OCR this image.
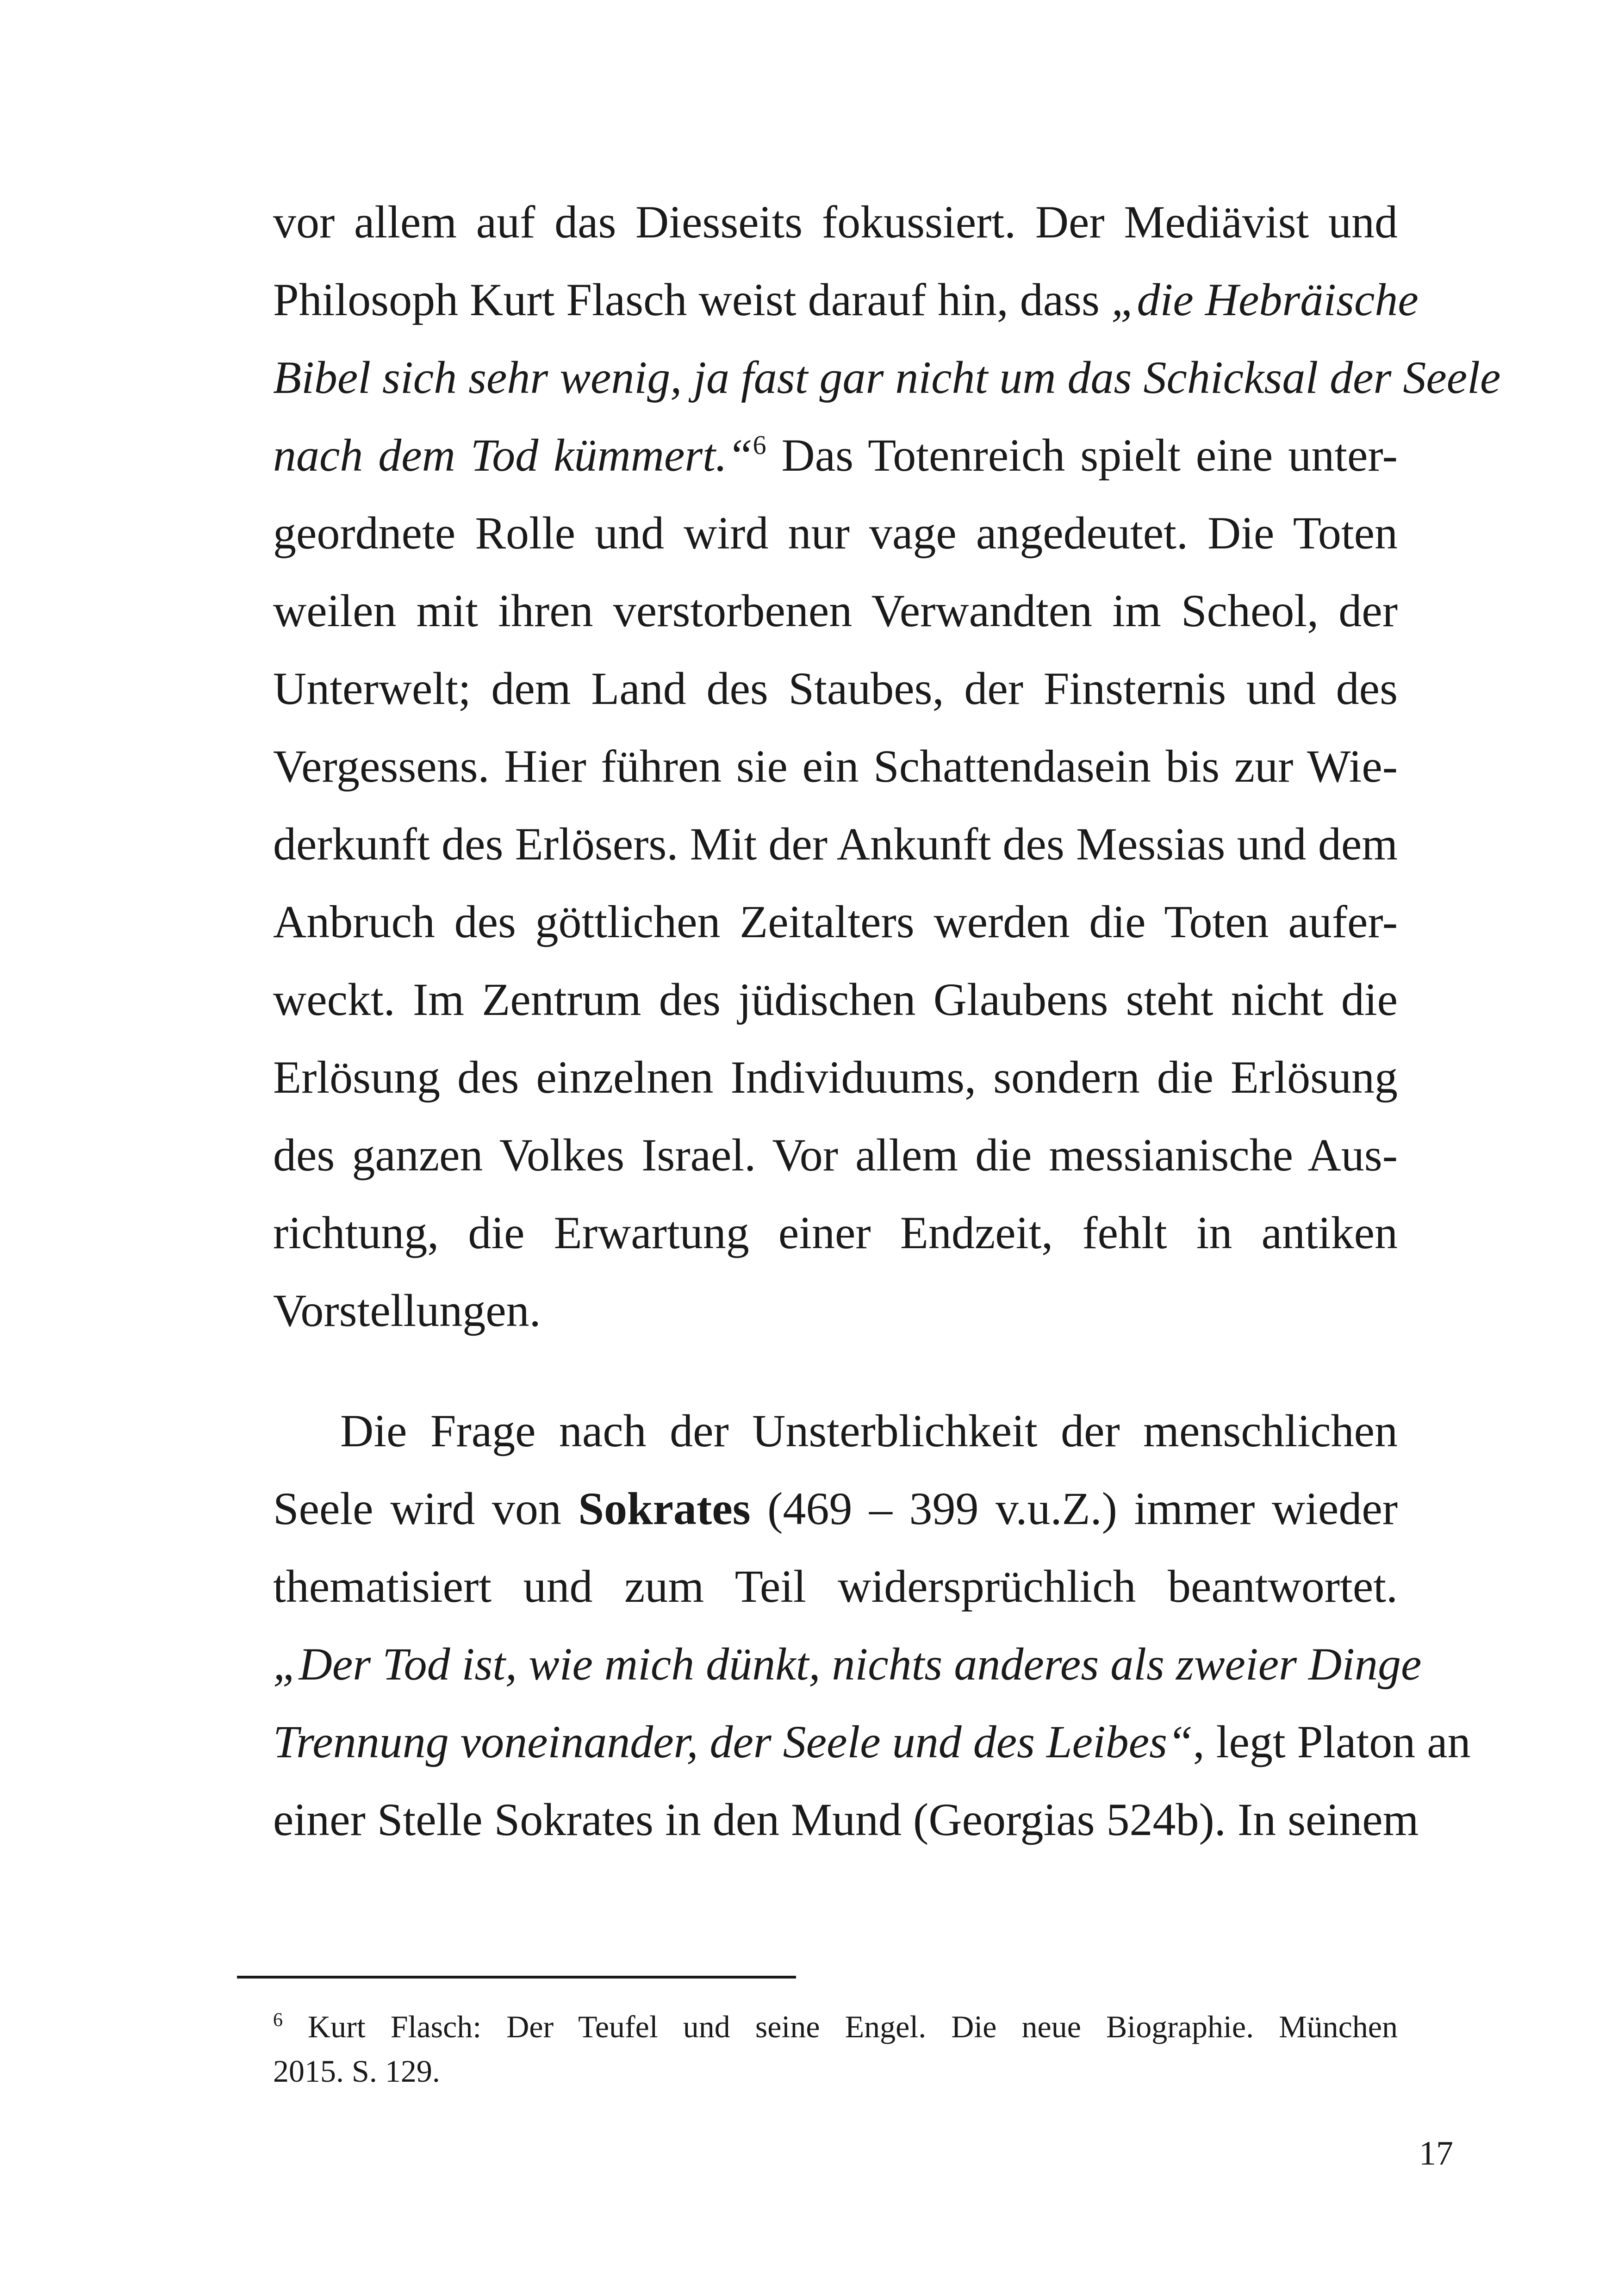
vor allem auf das Diesseits fokussiert. Der Mediävist und
Philosoph Kurt Flasch weist darauf hin, dass „die Hebräische
Bibel sich sehr wenig, ja fast gar nicht um das Schicksal der Seele
nach dem Tod kümmert.“$^6$ Das Totenreich spielt eine unter-
geordnete Rolle und wird nur vage angedeutet. Die Toten
weilen mit ihren verstorbenen Verwandten im Scheol, der
Unterwelt; dem Land des Staubes, der Finsternis und des
Vergessens. Hier führen sie ein Schattendasein bis zur Wie-
derkunft des Erlösers. Mit der Ankunft des Messias und dem
Anbruch des göttlichen Zeitalters werden die Toten aufer-
weckt. Im Zentrum des jüdischen Glaubens steht nicht die
Erlösung des einzelnen Individuums, sondern die Erlösung
des ganzen Volkes Israel. Vor allem die messianische Aus-
richtung, die Erwartung einer Endzeit, fehlt in antiken
Vorstellungen.
Die Frage nach der Unsterblichkeit der menschlichen
Seele wird von Sokrates (469 – 399 v.u.Z.) immer wieder
thematisiert und zum Teil widersprüchlich beantwortet.
„Der Tod ist, wie mich dünkt, nichts anderes als zweier Dinge
Trennung voneinander, der Seele und des Leibes“, legt Platon an
einer Stelle Sokrates in den Mund (Georgias 524b). In seinem
$^6$ Kurt Flasch: Der Teufel und seine Engel. Die neue Biographie. München
2015. S. 129.
17
